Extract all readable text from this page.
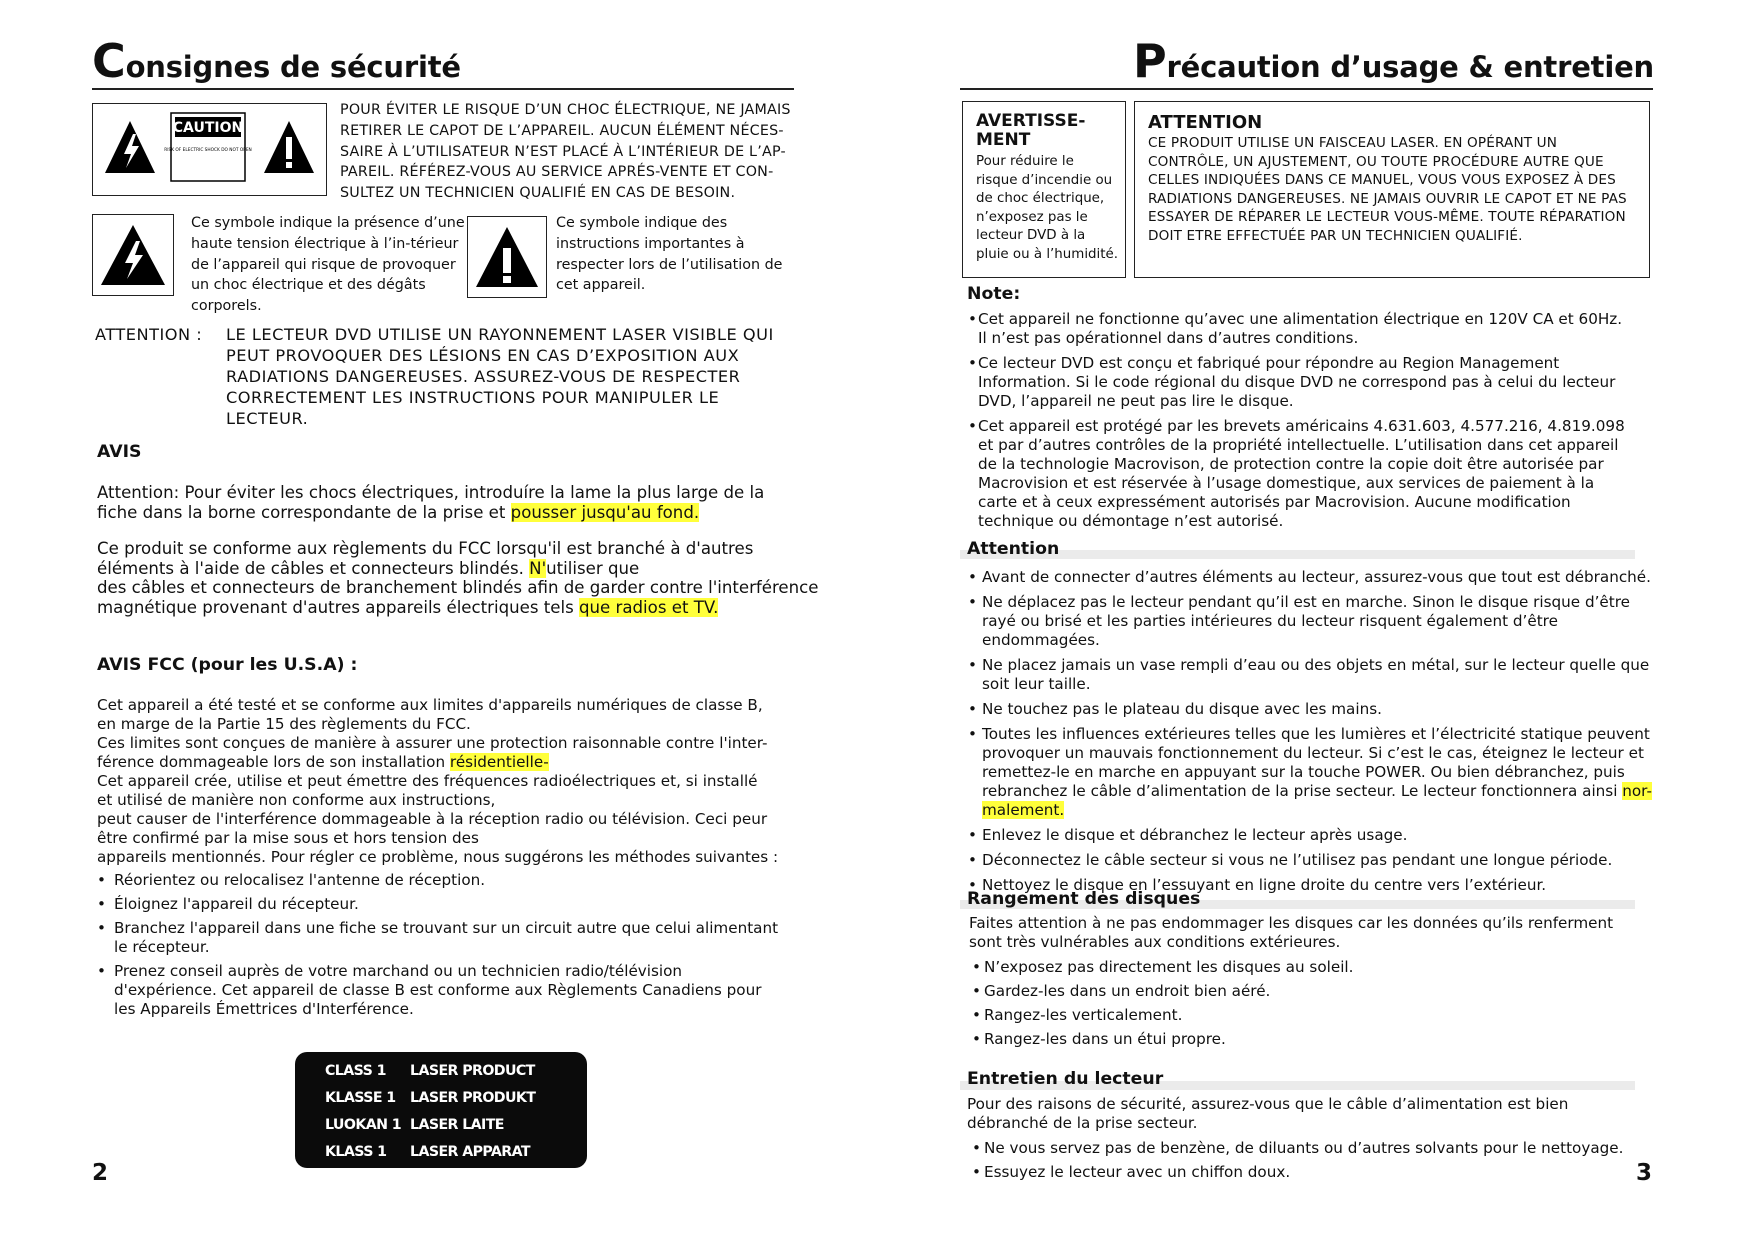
Consignes de sécurité
CAUTION
RISK OF ELECTRIC SHOCK DO NOT OPEN
POUR ÉVITER LE RISQUE D’UN CHOC ÉLECTRIQUE, NE JAMAIS RETIRER LE CAPOT DE L’APPAREIL. AUCUN ÉLÉMENT NÉCES-SAIRE À L’UTILISATEUR N’EST PLACÉ À L’INTÉRIEUR DE L’AP-PAREIL. RÉFÉREZ-VOUS AU SERVICE APRÉS-VENTE ET CON-SULTEZ UN TECHNICIEN QUALIFIÉ EN CAS DE BESOIN.
Ce symbole indique la présence d’une haute tension électrique à l’in-térieur de l’appareil qui risque de provoquer un choc électrique et des dégâts corporels.
Ce symbole indique des instructions importantes à respecter lors de l’utilisation de cet appareil.
ATTENTION : LE LECTEUR DVD UTILISE UN RAYONNEMENT LASER VISIBLE QUI PEUT PROVOQUER DES LÉSIONS EN CAS D’EXPOSITION AUX RADIATIONS DANGEREUSES. ASSUREZ-VOUS DE RESPECTER CORRECTEMENT LES INSTRUCTIONS POUR MANIPULER LE LECTEUR.
AVIS
Attention: Pour éviter les chocs électriques, introduíre la lame la plus large de la fiche dans la borne correspondante de la prise et pousser jusqu'au fond.
Ce produit se conforme aux règlements du FCC lorsqu'il est branché à d'autres éléments à l'aide de câbles et connecteurs blindés. N'utiliser que
des câbles et connecteurs de branchement blindés afin de garder contre l'interférence magnétique provenant d'autres appareils électriques tels que radios et TV.
AVIS FCC (pour les U.S.A) :
Cet appareil a été testé et se conforme aux limites d'appareils numériques de classe B, en marge de la Partie 15 des règlements du FCC.
Ces limites sont conçues de manière à assurer une protection raisonnable contre l'inter-férence dommageable lors de son installation résidentielle-
Cet appareil crée, utilise et peut émettre des fréquences radioélectriques et, si installé
et utilisé de manière non conforme aux instructions,
peut causer de l'interférence dommageable à la réception radio ou télévision. Ceci peur être confirmé par la mise sous et hors tension des
appareils mentionnés. Pour régler ce problème, nous suggérons les méthodes suivantes :
• Réorientez ou relocalisez l'antenne de réception.
• Éloignez l'appareil du récepteur.
• Branchez l'appareil dans une fiche se trouvant sur un circuit autre que celui alimentant le récepteur.
• Prenez conseil auprès de votre marchand ou un technicien radio/télévision d'expérience. Cet appareil de classe B est conforme aux Règlements Canadiens pour les Appareils Émettrices d'Interférence.
CLASS 1 LASER PRODUCT
KLASSE 1 LASER PRODUKT
LUOKAN 1 LASER LAITE
KLASS 1 LASER APPARAT
2
Précaution d’usage & entretien
AVERTISSE-MENT
Pour réduire le risque d’incendie ou de choc électrique, n’exposez pas le lecteur DVD à la pluie ou à l’humidité.
ATTENTION
CE PRODUIT UTILISE UN FAISCEAU LASER. EN OPÉRANT UN CONTRÔLE, UN AJUSTEMENT, OU TOUTE PROCÉDURE AUTRE QUE CELLES INDIQUÉES DANS CE MANUEL, VOUS VOUS EXPOSEZ À DES RADIATIONS DANGEREUSES. NE JAMAIS OUVRIR LE CAPOT ET NE PAS ESSAYER DE RÉPARER LE LECTEUR VOUS-MÊME. TOUTE RÉPARATION DOIT ETRE EFFECTUÉE PAR UN TECHNICIEN QUALIFIÉ.
Note:
• Cet appareil ne fonctionne qu’avec une alimentation électrique en 120V CA et 60Hz. Il n’est pas opérationnel dans d’autres conditions.
• Ce lecteur DVD est conçu et fabriqué pour répondre au Region Management Information. Si le code régional du disque DVD ne correspond pas à celui du lecteur DVD, l’appareil ne peut pas lire le disque.
• Cet appareil est protégé par les brevets américains 4.631.603, 4.577.216, 4.819.098 et par d’autres contrôles de la propriété intellectuelle. L’utilisation dans cet appareil de la technologie Macrovison, de protection contre la copie doit être autorisée par Macrovision et est réservée à l’usage domestique, aux services de paiement à la carte et à ceux expressément autorisés par Macrovision. Aucune modification technique ou démontage n’est autorisé.
Attention
• Avant de connecter d’autres éléments au lecteur, assurez-vous que tout est débranché.
• Ne déplacez pas le lecteur pendant qu’il est en marche. Sinon le disque risque d’être rayé ou brisé et les parties intérieures du lecteur risquent également d’être endommagées.
• Ne placez jamais un vase rempli d’eau ou des objets en métal, sur le lecteur quelle que soit leur taille.
• Ne touchez pas le plateau du disque avec les mains.
• Toutes les influences extérieures telles que les lumières et l’électricité statique peuvent provoquer un mauvais fonctionnement du lecteur. Si c’est le cas, éteignez le lecteur et remettez-le en marche en appuyant sur la touche POWER. Ou bien débranchez, puis rebranchez le câble d’alimentation de la prise secteur. Le lecteur fonctionnera ainsi nor-malement.
• Enlevez le disque et débranchez le lecteur après usage.
• Déconnectez le câble secteur si vous ne l’utilisez pas pendant une longue période.
• Nettoyez le disque en l’essuyant en ligne droite du centre vers l’extérieur.
Rangement des disques
Faites attention à ne pas endommager les disques car les données qu’ils renferment sont très vulnérables aux conditions extérieures.
• N’exposez pas directement les disques au soleil.
• Gardez-les dans un endroit bien aéré.
• Rangez-les verticalement.
• Rangez-les dans un étui propre.
Entretien du lecteur
Pour des raisons de sécurité, assurez-vous que le câble d’alimentation est bien débranché de la prise secteur.
• Ne vous servez pas de benzène, de diluants ou d’autres solvants pour le nettoyage.
• Essuyez le lecteur avec un chiffon doux.	3
